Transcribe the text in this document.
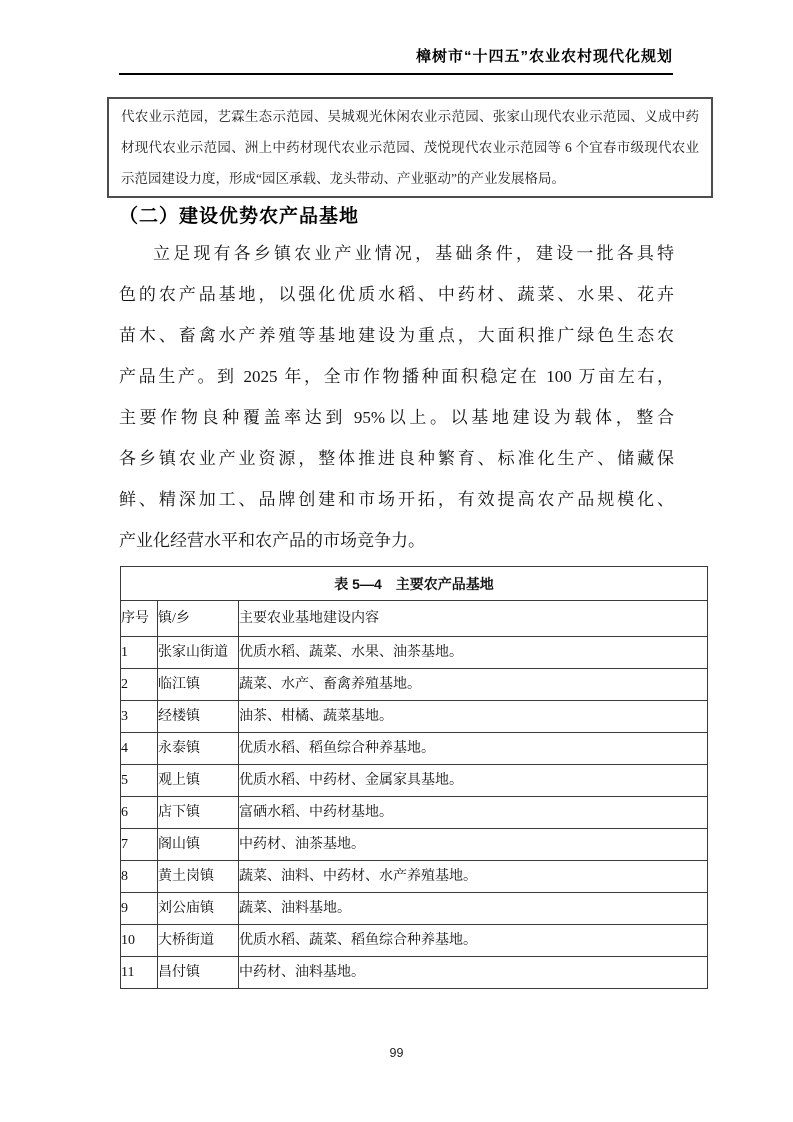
樟树市“十四五”农业农村现代化规划
代农业示范园，艺霖生态示范园、吴城观光休闲农业示范园、张家山现代农业示范园、义成中药
材现代农业示范园、洲上中药材现代农业示范园、茂悦现代农业示范园等 6 个宜春市级现代农业
示范园建设力度，形成“园区承载、龙头带动、产业驱动”的产业发展格局。
（二）建设优势农产品基地
立足现有各乡镇农业产业情况，基础条件，建设一批各具特
色的农产品基地，以强化优质水稻、中药材、蔬菜、水果、花卉
苗木、畜禽水产养殖等基地建设为重点，大面积推广绿色生态农
产品生产。到 2025 年，全市作物播种面积稳定在 100 万亩左右，
主要作物良种覆盖率达到 95%以上。以基地建设为载体，整合
各乡镇农业产业资源，整体推进良种繁育、标准化生产、储藏保
鲜、精深加工、品牌创建和市场开拓，有效提高农产品规模化、
产业化经营水平和农产品的市场竞争力。
表 5—4　主要农产品基地		
序号	镇/乡	主要农业基地建设内容
1	张家山街道	优质水稻、蔬菜、水果、油茶基地。
2	临江镇	蔬菜、水产、畜禽养殖基地。
3	经楼镇	油茶、柑橘、蔬菜基地。
4	永泰镇	优质水稻、稻鱼综合种养基地。
5	观上镇	优质水稻、中药材、金属家具基地。
6	店下镇	富硒水稻、中药材基地。
7	阁山镇	中药材、油茶基地。
8	黄土岗镇	蔬菜、油料、中药材、水产养殖基地。
9	刘公庙镇	蔬菜、油料基地。
10	大桥街道	优质水稻、蔬菜、稻鱼综合种养基地。
11	昌付镇	中药材、油料基地。
99
